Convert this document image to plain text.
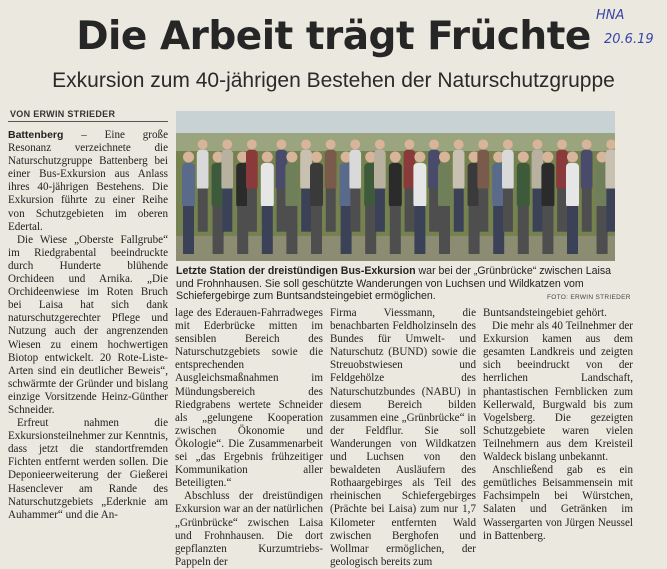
HNA
20.6.19
Die Arbeit trägt Früchte
Exkursion zum 40-jährigen Bestehen der Naturschutzgruppe
VON ERWIN STRIEDER

Battenberg – Eine große Resonanz verzeichnete die Naturschutzgruppe Battenberg bei einer Bus-Exkursion aus Anlass ihres 40-jährigen Bestehens. Die Exkursion führte zu einer Reihe von Schutzgebieten im oberen Edertal.

Die Wiese „Oberste Fallgrube“ im Riedgrabental beeindruckte durch Hunderte blühende Orchideen und Arnika. „Die Orchideenwiese im Roten Bruch bei Laisa hat sich dank naturschutzgerechter Pflege und Nutzung auch der angrenzenden Wiesen zu einem hochwertigen Biotop entwickelt. 20 Rote-Liste-Arten sind ein deutlicher Beweis“, schwärmte der Gründer und bislang einzige Vorsitzende Heinz-Günther Schneider.

Erfreut nahmen die Exkursionsteilnehmer zur Kenntnis, dass jetzt die standortfremden Fichten entfernt werden sollen. Die Deponieerweiterung der Gießerei Hasenclever am Rande des Naturschutzgebiets „Ederknie am Auhammer“ und die An-

Letzte Station der dreistündigen Bus-Exkursion war bei der „Grünbrücke“ zwischen Laisa und Frohnhausen. Sie soll geschützte Wanderungen von Luchsen und Wildkatzen vom Schiefergebirge zum Buntsandsteingebiet ermöglichen.	FOTO: ERWIN STRIEDER

lage des Ederauen-Fahrradweges mit Ederbrücke mitten im sensiblen Bereich des Naturschutzgebiets sowie die entsprechenden Ausgleichsmaßnahmen im Mündungsbereich des Riedgrabens wertete Schneider als „gelungene Kooperation zwischen Ökonomie und Ökologie“. Die Zusammenarbeit sei „das Ergebnis frühzeitiger Kommunikation aller Beteiligten.“

Abschluss der dreistündigen Exkursion war an der natürlichen „Grünbrücke“ zwischen Laisa und Frohnhausen. Die dort gepflanzten Kurzumtriebs-Pappeln der

Firma Viessmann, die benachbarten Feldholzinseln des Bundes für Umwelt- und Naturschutz (BUND) sowie die Streuobstwiesen und Feldgehölze des Naturschutzbundes (NABU) in diesem Bereich bilden zusammen eine „Grünbrücke“ in der Feldflur. Sie soll Wanderungen von Wildkatzen und Luchsen von den bewaldeten Ausläufern des Rothaargebirges als Teil des rheinischen Schiefergebirges (Prächte bei Laisa) zum nur 1,7 Kilometer entfernten Wald zwischen Berghofen und Wollmar ermöglichen, der geologisch bereits zum

Buntsandsteingebiet gehört.

Die mehr als 40 Teilnehmer der Exkursion kamen aus dem gesamten Landkreis und zeigten sich beeindruckt von der herrlichen Landschaft, phantastischen Fernblicken zum Kellerwald, Burgwald bis zum Vogelsberg. Die gezeigten Schutzgebiete waren vielen Teilnehmern aus dem Kreisteil Waldeck bislang unbekannt.

Anschließend gab es ein gemütliches Beisammensein mit Fachsimpeln bei Würstchen, Salaten und Getränken im Wassergarten von Jürgen Neussel in Battenberg.
